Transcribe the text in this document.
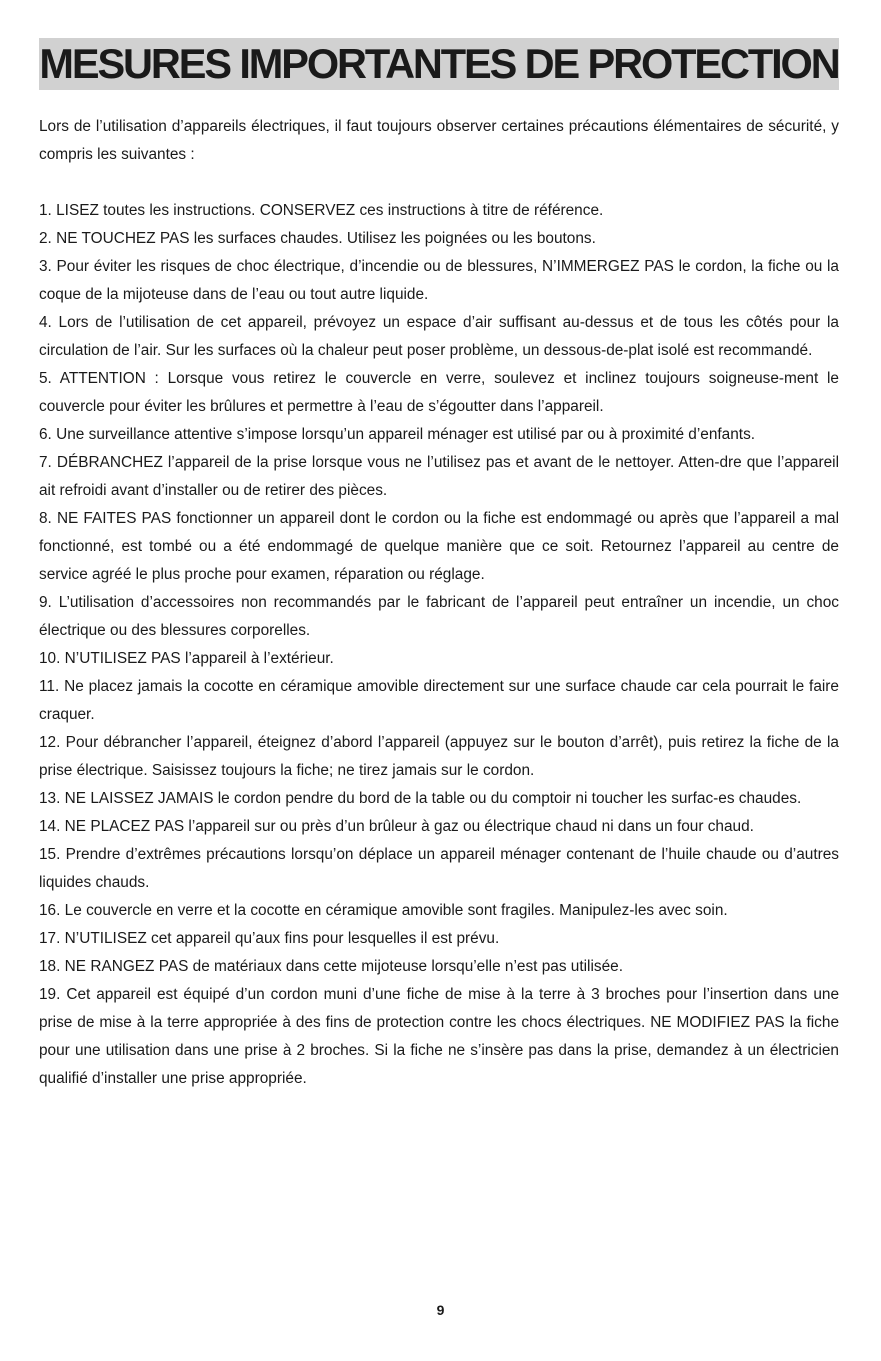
MESURES IMPORTANTES DE PROTECTION

Lors de l’utilisation d’appareils électriques, il faut toujours observer certaines précautions élémentaires de sécurité, y compris les suivantes :

1. LISEZ toutes les instructions. CONSERVEZ ces instructions à titre de référence.
2. NE TOUCHEZ PAS les surfaces chaudes. Utilisez les poignées ou les boutons.
3. Pour éviter les risques de choc électrique, d’incendie ou de blessures, N’IMMERGEZ PAS le cordon, la fiche ou la coque de la mijoteuse dans de l’eau ou tout autre liquide.
4. Lors de l’utilisation de cet appareil, prévoyez un espace d’air suffisant au-dessus et de tous les côtés pour la circulation de l’air. Sur les surfaces où la chaleur peut poser problème, un dessous-de-plat isolé est recommandé.
5. ATTENTION : Lorsque vous retirez le couvercle en verre, soulevez et inclinez toujours soigneuse-ment le couvercle pour éviter les brûlures et permettre à l’eau de s’égoutter dans l’appareil.
6. Une surveillance attentive s’impose lorsqu’un appareil ménager est utilisé par ou à proximité d’enfants.
7. DÉBRANCHEZ l’appareil de la prise lorsque vous ne l’utilisez pas et avant de le nettoyer. Atten-dre que l’appareil ait refroidi avant d’installer ou de retirer des pièces.
8. NE FAITES PAS fonctionner un appareil dont le cordon ou la fiche est endommagé ou après que l’appareil a mal fonctionné, est tombé ou a été endommagé de quelque manière que ce soit. Retournez l’appareil au centre de service agréé le plus proche pour examen, réparation ou réglage.
9. L’utilisation d’accessoires non recommandés par le fabricant de l’appareil peut entraîner un incendie, un choc électrique ou des blessures corporelles.
10. N’UTILISEZ PAS l’appareil à l’extérieur.
11. Ne placez jamais la cocotte en céramique amovible directement sur une surface chaude car cela pourrait le faire craquer.
12. Pour débrancher l’appareil, éteignez d’abord l’appareil (appuyez sur le bouton d’arrêt), puis retirez la fiche de la prise électrique. Saisissez toujours la fiche; ne tirez jamais sur le cordon.
13. NE LAISSEZ JAMAIS le cordon pendre du bord de la table ou du comptoir ni toucher les surfac-es chaudes.
14. NE PLACEZ PAS l’appareil sur ou près d’un brûleur à gaz ou électrique chaud ni dans un four chaud.
15. Prendre d’extrêmes précautions lorsqu’on déplace un appareil ménager contenant de l’huile chaude ou d’autres liquides chauds.
16. Le couvercle en verre et la cocotte en céramique amovible sont fragiles. Manipulez-les avec soin.
17. N’UTILISEZ cet appareil qu’aux fins pour lesquelles il est prévu.
18. NE RANGEZ PAS de matériaux dans cette mijoteuse lorsqu’elle n’est pas utilisée.
19. Cet appareil est équipé d’un cordon muni d’une fiche de mise à la terre à 3 broches pour l’insertion dans une prise de mise à la terre appropriée à des fins de protection contre les chocs électriques. NE MODIFIEZ PAS la fiche pour une utilisation dans une prise à 2 broches. Si la fiche ne s’insère pas dans la prise, demandez à un électricien qualifié d’installer une prise appropriée.
9
